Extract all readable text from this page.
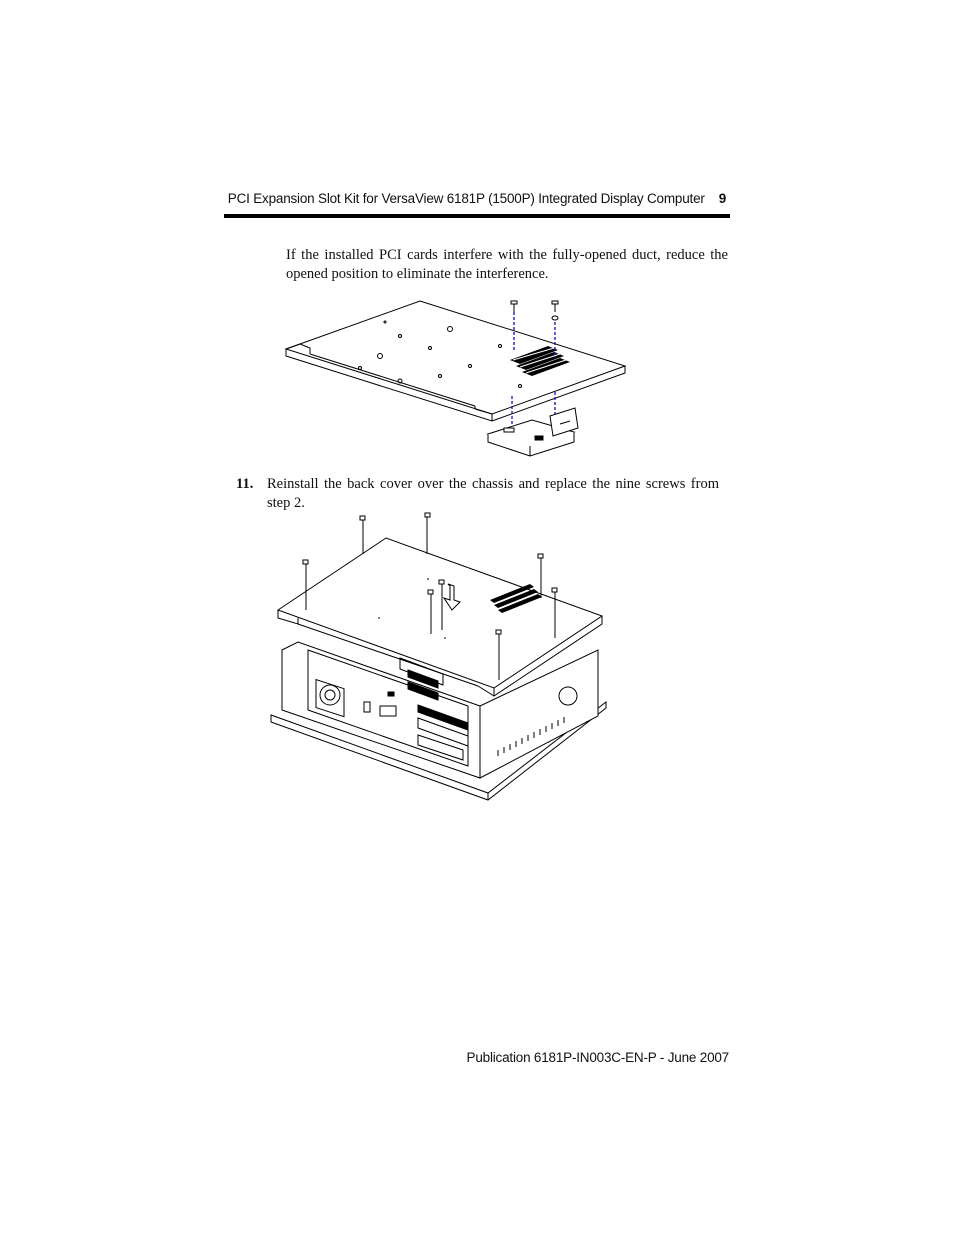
PCI Expansion Slot Kit for VersaView 6181P (1500P) Integrated Display Computer 9

If the installed PCI cards interfere with the fully-opened duct, reduce the opened position to eliminate the interference.

11. Reinstall the back cover over the chassis and replace the nine screws from step 2.
Publication 6181P-IN003C-EN-P - June 2007
